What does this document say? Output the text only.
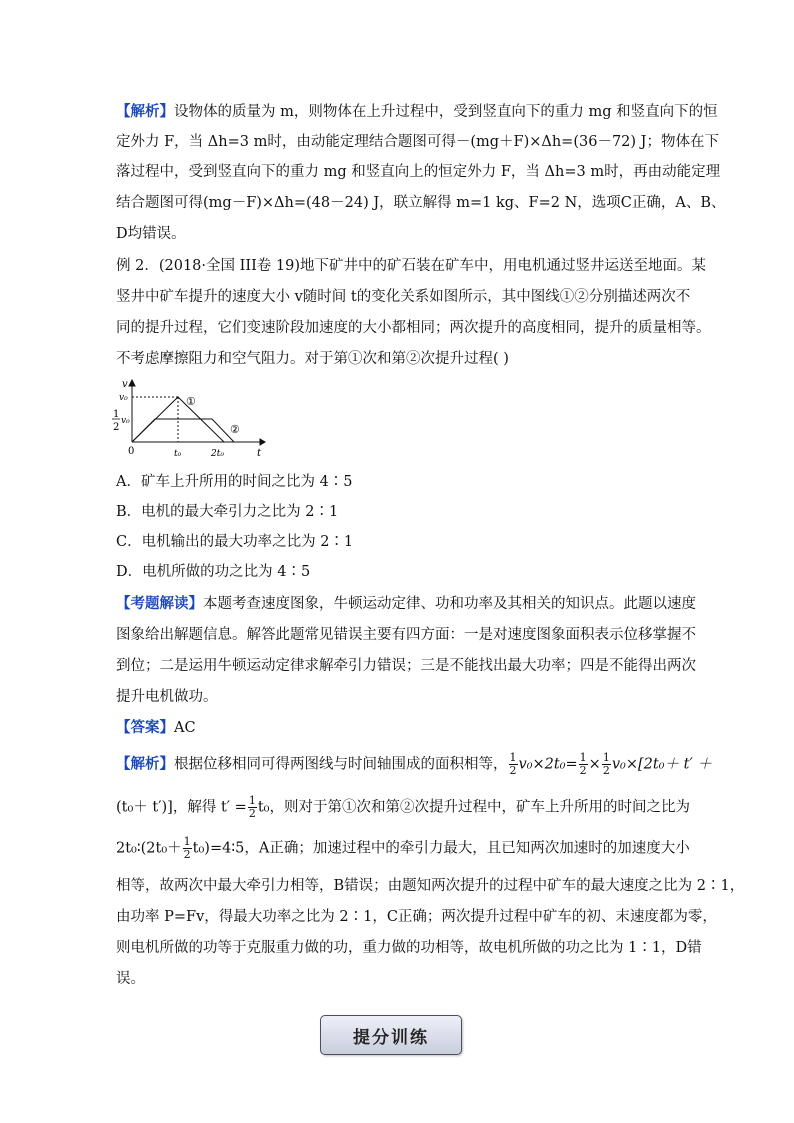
【解析】设物体的质量为 m，则物体在上升过程中，受到竖直向下的重力 mg 和竖直向下的恒
定外力 F，当 Δh=3 m时，由动能定理结合题图可得－(mg＋F)×Δh=(36－72) J；物体在下
落过程中，受到竖直向下的重力 mg 和竖直向上的恒定外力 F，当 Δh=3 m时，再由动能定理
结合题图可得(mg－F)×Δh=(48－24) J，联立解得 m=1 kg、F=2 N，选项C正确，A、B、
D均错误。
例 2．(2018·全国 III卷 19)地下矿井中的矿石装在矿车中，用电机通过竖井运送至地面。某
竖井中矿车提升的速度大小 v随时间 t的变化关系如图所示，其中图线①②分别描述两次不
同的提升过程，它们变速阶段加速度的大小都相同；两次提升的高度相同，提升的质量相等。
不考虑摩擦阻力和空气阻力。对于第①次和第②次提升过程( )
v
t
v₀
1
2
v₀
0	t₀	2t₀
①
②
A．矿车上升所用的时间之比为 4∶5
B．电机的最大牵引力之比为 2∶1
C．电机输出的最大功率之比为 2∶1
D．电机所做的功之比为 4∶5
【考题解读】本题考查速度图象，牛顿运动定律、功和功率及其相关的知识点。此题以速度
图象给出解题信息。解答此题常见错误主要有四方面：一是对速度图象面积表示位移掌握不
到位；二是运用牛顿运动定律求解牵引力错误；三是不能找出最大功率；四是不能得出两次
提升电机做功。
【答案】AC
【解析】根据位移相同可得两图线与时间轴围成的面积相等， $\frac{1}{2} v_0\times 2t_0= \frac{1}{2} \times \frac{1}{2} v_0\times[2t_0+ t'$ ＋
(t₀＋ t′)]，解得 $t' = \frac{1}{2} t_0$，则对于第①次和第②次提升过程中，矿车上升所用的时间之比为
2t₀∶(2t₀＋ $\frac{1}{2}$ t₀)=4∶5，A正确；加速过程中的牵引力最大，且已知两次加速时的加速度大小
相等，故两次中最大牵引力相等，B错误；由题知两次提升的过程中矿车的最大速度之比为 2∶1，
由功率 P=Fv，得最大功率之比为 2∶1，C正确；两次提升过程中矿车的初、末速度都为零，
则电机所做的功等于克服重力做的功，重力做的功相等，故电机所做的功之比为 1∶1，D错
误。
提分训练
